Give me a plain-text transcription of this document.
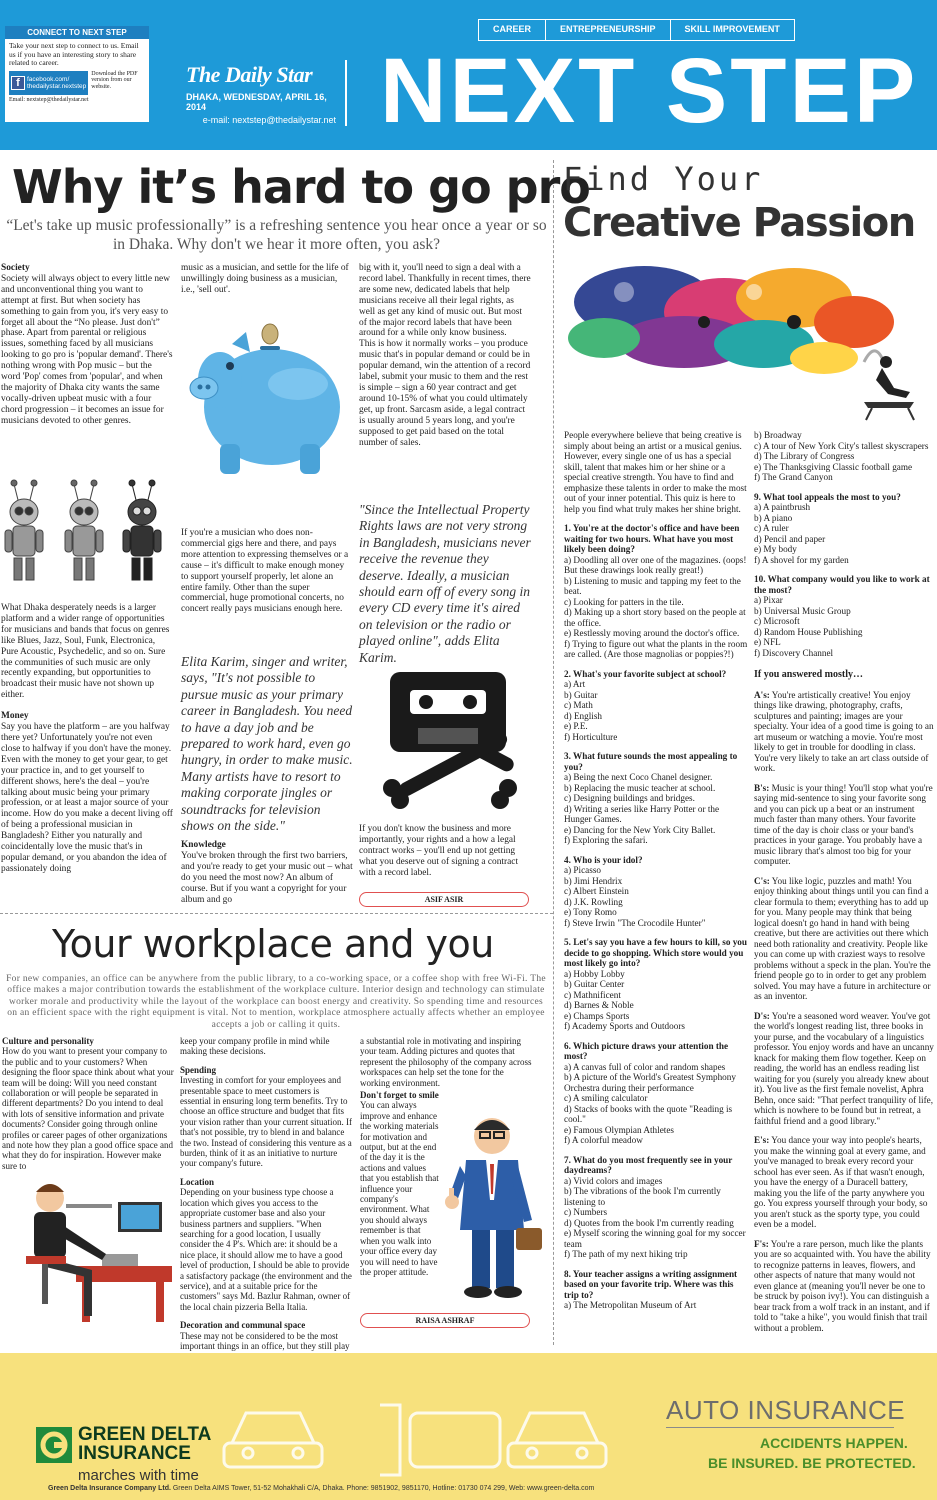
CONNECT TO NEXT STEP
Take your next step to connect to us. Email us if you have an interesting story to share related to career.
f	facebook.com/ thedailystar.nextstep
Download the PDF version from our website.
Email: nextstep@thedailystar.net
The Daily Star
DHAKA, WEDNESDAY, APRIL 16, 2014
e-mail: nextstep@thedailystar.net
CAREER	ENTREPRENEURSHIP	SKILL IMPROVEMENT
NEXT STEP
Why it’s hard to go pro
“Let's take up music professionally” is a refreshing sentence you hear once a year or so in Dhaka. Why don't we hear it more often, you ask?
Society
Society will always object to every little new and unconventional thing you want to attempt at first. But when society has something to gain from you, it's very easy to forget all about the “No please. Just don't” phase. Apart from parental or religious issues, something faced by all musicians looking to go pro is 'popular demand'. There's nothing wrong with Pop music – but the word 'Pop' comes from 'popular', and when the majority of Dhaka city wants the same vocally-driven upbeat music with a four chord progression – it becomes an issue for musicians devoted to other genres.
What Dhaka desperately needs is a larger platform and a wider range of opportunities for musicians and bands that focus on genres like Blues, Jazz, Soul, Funk, Electronica, Pure Acoustic, Psychedelic, and so on. Sure the communities of such music are only recently expanding, but opportunities to broadcast their music have not shown up either.
Money
Say you have the platform – are you halfway there yet? Unfortunately you're not even close to halfway if you don't have the money. Even with the money to get your gear, to get your practice in, and to get yourself to different shows, here's the deal – you're talking about music being your primary profession, or at least a major source of your income. How do you make a decent living off of being a professional musician in Bangladesh? Either you naturally and coincidentally love the music that's in popular demand, or you abandon the idea of passionately doing
music as a musician, and settle for the life of unwillingly doing business as a musician, i.e., 'sell out'.
If you're a musician who does non-commercial gigs here and there, and pays more attention to expressing themselves or a cause – it's difficult to make enough money to support yourself properly, let alone an entire family. Other than the super commercial, huge promotional concerts, no concert really pays musicians enough here.
Elita Karim, singer and writer, says, "It's not possible to pursue music as your primary career in Bangladesh. You need to have a day job and be prepared to work hard, even go hungry, in order to make music. Many artists have to resort to making corporate jingles or soundtracks for television shows on the side."
Knowledge
You've broken through the first two barriers, and you're ready to get your music out – what do you need the most now? An album of course. But if you want a copyright for your album and go
big with it, you'll need to sign a deal with a record label. Thankfully in recent times, there are some new, dedicated labels that help musicians receive all their legal rights, as well as get any kind of music out. But most of the major record labels that have been around for a while only know business.
This is how it normally works – you produce music that's in popular demand or could be in popular demand, win the attention of a record label, submit your music to them and the rest is simple – sign a 60 year contract and get around 10-15% of what you could ultimately get, up front. Sarcasm aside, a legal contract is usually around 5 years long, and you're supposed to get paid based on the total number of sales.
"Since the Intellectual Property Rights laws are not very strong in Bangladesh, musicians never receive the revenue they deserve. Ideally, a musician should earn off of every song in every CD every time it's aired on television or the radio or played online", adds Elita Karim.
If you don't know the business and more importantly, your rights and a how a legal contract works – you'll end up not getting what you deserve out of signing a contract with a record label.
ASIF ASIR
Your workplace and you
For new companies, an office can be anywhere from the public library, to a co-working space, or a coffee shop with free Wi-Fi. The office makes a major contribution towards the establishment of the workplace culture. Interior design and technology can stimulate worker morale and productivity while the layout of the workplace can boost energy and creativity. So spending time and resources on an efficient space with the right equipment is vital. Not to mention, workplace atmosphere actually affects whether an employee accepts a job or calling it quits.
Culture and personality
How do you want to present your company to the public and to your customers? When designing the floor space think about what your team will be doing: Will you need constant collaboration or will people be separated in different departments? Do you intend to deal with lots of sensitive information and private documents? Consider going through online profiles or career pages of other organizations and note how they plan a good office space and what they do for inspiration. However make sure to
keep your company profile in mind while making these decisions.
Spending
Investing in comfort for your employees and presentable space to meet customers is essential in ensuring long term benefits. Try to choose an office structure and budget that fits your vision rather than your current situation. If that's not possible, try to blend in and balance the two. Instead of considering this venture as a burden, think of it as an initiative to nurture your company's future.
Location
Depending on your business type choose a location which gives you access to the appropriate customer base and also your business partners and suppliers. "When searching for a good location, I usually consider the 4 P's. Which are: it should be a nice place, it should allow me to have a good level of production, I should be able to provide a satisfactory package (the environment and the service), and at a suitable price for the customers" says Md. Bazlur Rahman, owner of the local chain pizzeria Bella Italia.
Decoration and communal space
These may not be considered to be the most important things in an office, but they still play
a substantial role in motivating and inspiring your team. Adding pictures and quotes that represent the philosophy of the company across workspaces can help set the tone for the working environment.
Don't forget to smile
You can always improve and enhance the working materials for motivation and output, but at the end of the day it is the actions and values that you establish that influence your company's environment. What you should always remember is that when you walk into your office every day you will need to have the proper attitude.
RAISA ASHRAF
Find Your
Creative Passion
People everywhere believe that being creative is simply about being an artist or a musical genius. However, every single one of us has a special skill, talent that makes him or her shine or a special creative strength. You have to find and emphasize these talents in order to make the most out of your inner potential. This quiz is here to help you find what truly makes her shine bright.
1. You're at the doctor's office and have been waiting for two hours. What have you most likely been doing?
a) Doodling all over one of the magazines. (oops! But these drawings look really great!)
b) Listening to music and tapping my feet to the beat.
c) Looking for patters in the tile.
d) Making up a short story based on the people at the office.
e) Restlessly moving around the doctor's office.
f) Trying to figure out what the plants in the room are called. (Are those magnolias or poppies?!)
2. What's your favorite subject at school?
a) Art
b) Guitar
c) Math
d) English
e) P.E.
f) Horticulture
3. What future sounds the most appealing to you?
a) Being the next Coco Chanel designer.
b) Replacing the music teacher at school.
c) Designing buildings and bridges.
d) Writing a series like Harry Potter or the Hunger Games.
e) Dancing for the New York City Ballet.
f) Exploring the safari.
4. Who is your idol?
a) Picasso
b) Jimi Hendrix
c) Albert Einstein
d) J.K. Rowling
e) Tony Romo
f) Steve Irwin "The Crocodile Hunter"
5. Let's say you have a few hours to kill, so you decide to go shopping. Which store would you most likely go into?
a) Hobby Lobby
b) Guitar Center
c) Mathnificent
d) Barnes & Noble
e) Champs Sports
f) Academy Sports and Outdoors
6. Which picture draws your attention the most?
a) A canvas full of color and random shapes
b) A picture of the World's Greatest Symphony Orchestra during their performance
c) A smiling calculator
d) Stacks of books with the quote "Reading is cool."
e) Famous Olympian Athletes
f) A colorful meadow
7. What do you most frequently see in your daydreams?
a) Vivid colors and images
b) The vibrations of the book I'm currently listening to
c) Numbers
d) Quotes from the book I'm currently reading
e) Myself scoring the winning goal for my soccer team
f) The path of my next hiking trip
8. Your teacher assigns a writing assignment based on your favorite trip. Where was this trip to?
a) The Metropolitan Museum of Art
b) Broadway
c) A tour of New York City's tallest skyscrapers
d) The Library of Congress
e) The Thanksgiving Classic football game
f) The Grand Canyon
9. What tool appeals the most to you?
a) A paintbrush
b) A piano
c) A ruler
d) Pencil and paper
e) My body
f) A shovel for my garden
10. What company would you like to work at the most?
a) Pixar
b) Universal Music Group
c) Microsoft
d) Random House Publishing
e) NFL
f) Discovery Channel
If you answered mostly…
A's: You're artistically creative! You enjoy things like drawing, photography, crafts, sculptures and painting; images are your specialty. Your idea of a good time is going to an art museum or watching a movie. You're most likely to get in trouble for doodling in class. You're very likely to take an art class outside of work.
B's: Music is your thing! You'll stop what you're saying mid-sentence to sing your favorite song and you can pick up a beat or an instrument much faster than many others. Your favorite time of the day is choir class or your band's practices in your garage. You probably have a music library that's almost too big for your computer.
C's: You like logic, puzzles and math! You enjoy thinking about things until you can find a clear formula to them; everything has to add up for you. Many people may think that being logical doesn't go hand in hand with being creative, but there are activities out there which need both rationality and creativity. People like you can come up with craziest ways to resolve problems without a speck in the plan. You're the friend people go to in order to get any problem solved. You may have a future in architecture or as an inventor.
D's: You're a seasoned word weaver. You've got the world's longest reading list, three books in your purse, and the vocabulary of a linguistics professor. You enjoy words and have an uncanny knack for making them flow together. Keep on reading, the world has an endless reading list waiting for you (surely you already knew about it). You live as the first female novelist, Aphra Behn, once said: "That perfect tranquility of life, which is nowhere to be found but in retreat, a faithful friend and a good library."
E's: You dance your way into people's hearts, you make the winning goal at every game, and you've managed to break every record your school has ever seen. As if that wasn't enough, you have the energy of a Duracell battery, making you the life of the party anywhere you go. You express yourself through your body, so you aren't stuck as the sporty type, you could even be a model.
F's: You're a rare person, much like the plants you are so acquainted with. You have the ability to recognize patterns in leaves, flowers, and other aspects of nature that many would not even glance at (meaning you'll never be one to be struck by poison ivy!). You can distinguish a bear track from a wolf track in an instant, and if told to "take a hike", you would finish that trail without a problem.
GREEN DELTA
INSURANCE
marches with time
AUTO INSURANCE
ACCIDENTS HAPPEN.
BE INSURED. BE PROTECTED.
Green Delta Insurance Company Ltd. Green Delta AIMS Tower, 51-52 Mohakhali C/A, Dhaka. Phone: 9851902, 9851170, Hotline: 01730 074 299, Web: www.green-delta.com
